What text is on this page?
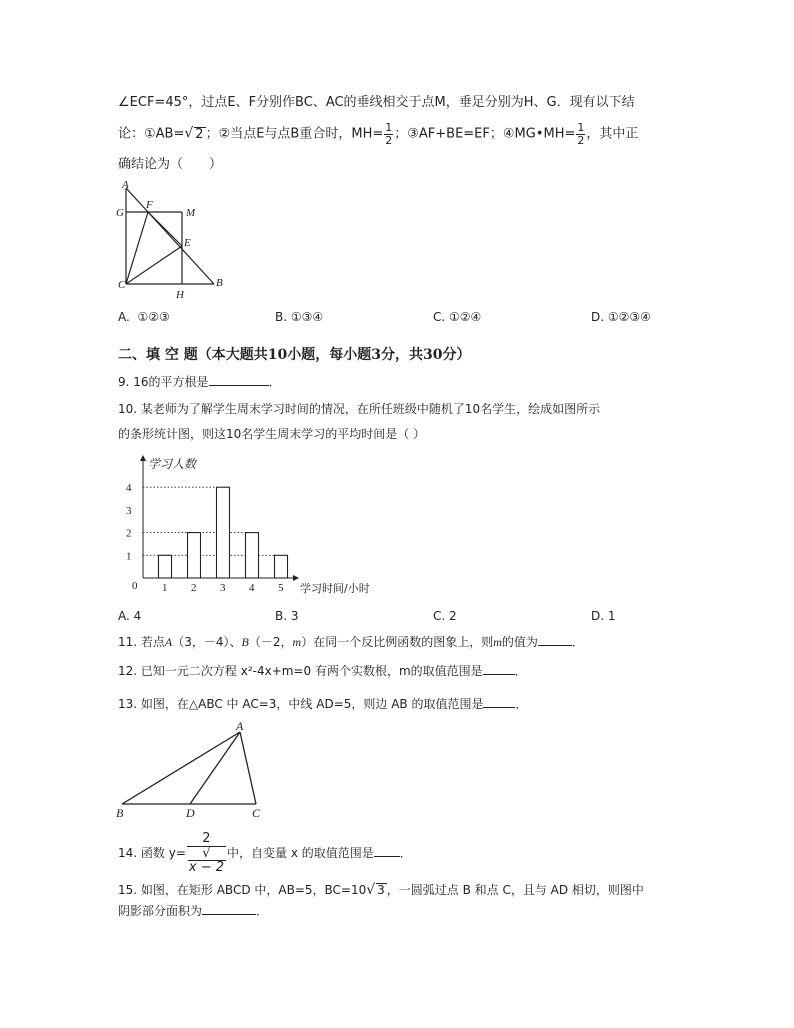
∠ECF=45°，过点E、F分别作BC、AC的垂线相交于点M，垂足分别为H、G．现有以下结
论：①AB=√ 2 ；②当点E与点B重合时，$MH= \frac{1}{2}$ ；③AF+BE=EF；④MG•MH= $\frac{1}{2}$ ，其中正
确结论为（　　）
A
G
F
M
E
C
H
B
A. ①②③	B. ①③④	C. ①②④	D. ①②③④
二、填 空 题（本大题共10小题，每小题3分，共30分）
9. 16的平方根是	．
10. 某老师为了解学生周末学习时间的情况，在所任班级中随机了10名学生，绘成如图所示
的条形统计图，则这10名学生周末学习的平均时间是（ ）
学习人数
学习时间/小时
0
1
2
3
4
1 2 3 4 5
A. 4	B. 3	C. 2	D. 1
11. 若点A（3，－4）、B（－2，m）在同一个反比例函数的图象上，则m的值为	．
12. 已知一元二次方程 x²-4x+m=0 有两个实数根，m的取值范围是	．
13. 如图，在△ABC 中 AC=3，中线 AD=5，则边 AB 的取值范围是	．
A
B	D	C
14. 函数 y= 2
√
x − 2 中，自变量 x 的取值范围是 ．
15. 如图，在矩形 ABCD 中，AB=5，BC=10√ 3 ，一圆弧过点 B 和点 C，且与 AD 相切，则图中
阴影部分面积为	．
